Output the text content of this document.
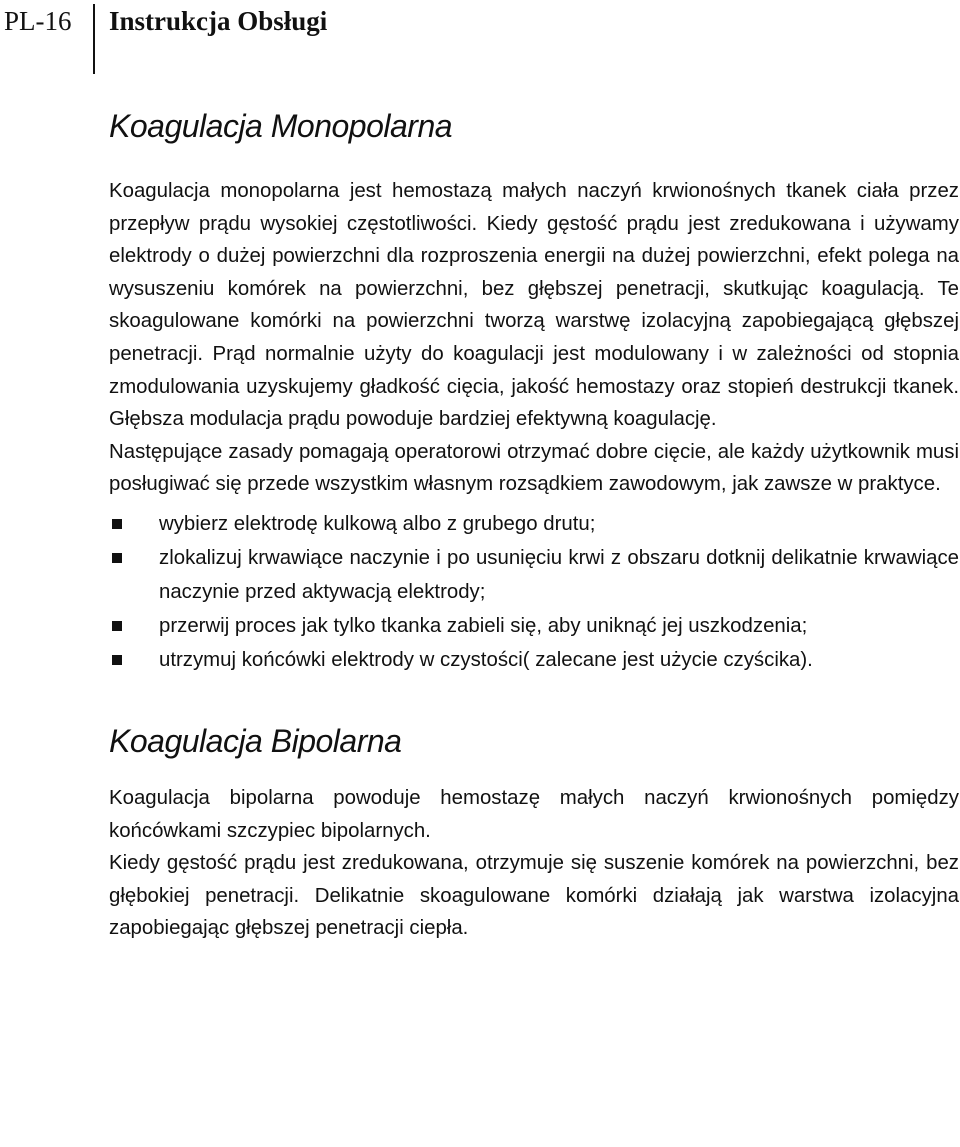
PL-16 Instrukcja Obsługi
Koagulacja Monopolarna

Koagulacja monopolarna jest hemostazą małych naczyń krwionośnych tkanek ciała przez przepływ prądu wysokiej częstotliwości. Kiedy gęstość prądu jest zredukowana i używamy elektrody o dużej powierzchni dla rozproszenia energii na dużej powierzchni, efekt polega na wysuszeniu komórek na powierzchni, bez głębszej penetracji, skutkując koagulacją. Te skoagulowane komórki na powierzchni tworzą warstwę izolacyjną zapobiegającą głębszej penetracji. Prąd normalnie użyty do koagulacji jest modulowany i w zależności od stopnia zmodulowania uzyskujemy gładkość cięcia, jakość hemostazy oraz stopień destrukcji tkanek. Głębsza modulacja prądu powoduje bardziej efektywną koagulację.

Następujące zasady pomagają operatorowi otrzymać dobre cięcie, ale każdy użytkownik musi posługiwać się przede wszystkim własnym rozsądkiem zawodowym, jak zawsze w praktyce.

wybierz elektrodę kulkową albo z grubego drutu;
zlokalizuj krwawiące naczynie i po usunięciu krwi z obszaru dotknij delikatnie krwawiące naczynie przed aktywacją elektrody;
przerwij proces jak tylko tkanka zabieli się, aby uniknąć jej uszkodzenia;
utrzymuj końcówki elektrody w czystości( zalecane jest użycie czyścika).
Koagulacja Bipolarna

Koagulacja bipolarna powoduje hemostazę małych naczyń krwionośnych pomiędzy końcówkami szczypiec bipolarnych.

Kiedy gęstość prądu jest zredukowana, otrzymuje się suszenie komórek na powierzchni, bez głębokiej penetracji. Delikatnie skoagulowane komórki działają jak warstwa izolacyjna zapobiegając głębszej penetracji ciepła.
